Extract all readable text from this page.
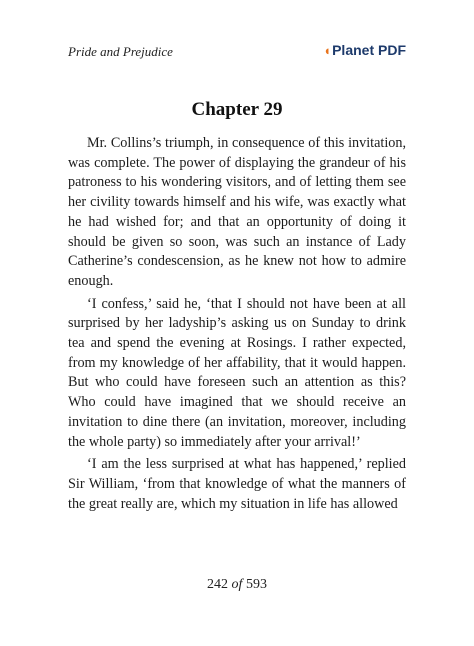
Pride and Prejudice	◖Planet PDF
Chapter 29

Mr. Collins’s triumph, in consequence of this invitation, was complete. The power of displaying the grandeur of his patroness to his wondering visitors, and of letting them see her civility towards himself and his wife, was exactly what he had wished for; and that an opportunity of doing it should be given so soon, was such an instance of Lady Catherine’s condescension, as he knew not how to admire enough.

‘I confess,’ said he, ‘that I should not have been at all surprised by her ladyship’s asking us on Sunday to drink tea and spend the evening at Rosings. I rather expected, from my knowledge of her affability, that it would happen. But who could have foreseen such an attention as this? Who could have imagined that we should receive an invitation to dine there (an invitation, moreover, including the whole party) so immediately after your arrival!’

‘I am the less surprised at what has happened,’ replied Sir William, ‘from that knowledge of what the manners of the great really are, which my situation in life has allowed

242 of 593
